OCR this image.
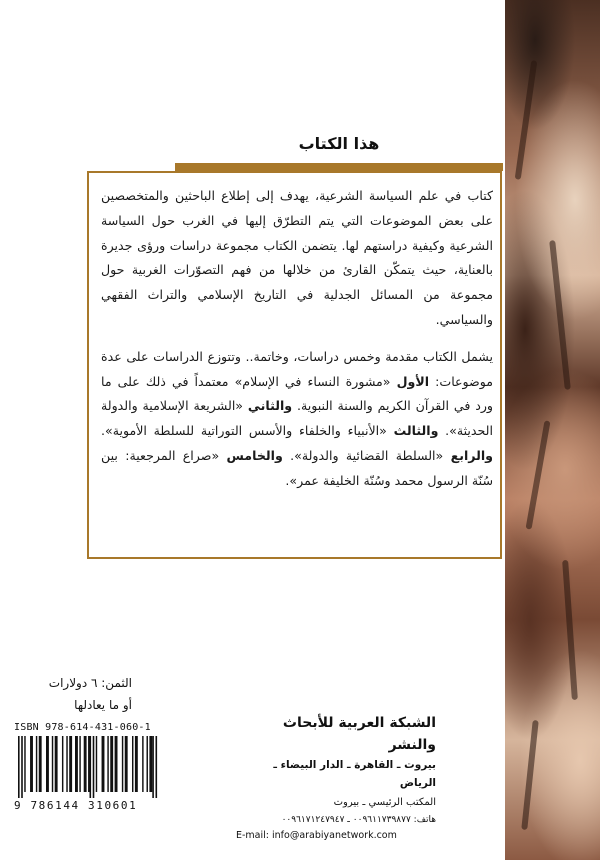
هذا الكتاب

كتاب في علم السياسة الشرعية، يهدف إلى إطلاع الباحثين والمتخصصين على بعض الموضوعات التي يتم التطرّق إليها في الغرب حول السياسة الشرعية وكيفية دراستهم لها. يتضمن الكتاب مجموعة دراسات ورؤى جديرة بالعناية، حيث يتمكّن القارئ من خلالها من فهم التصوّرات الغربية حول مجموعة من المسائل الجدلية في التاريخ الإسلامي والتراث الفقهي والسياسي.

يشمل الكتاب مقدمة وخمس دراسات، وخاتمة.. وتتوزع الدراسات على عدة موضوعات: الأول «مشورة النساء في الإسلام» معتمداً في ذلك على ما ورد في القرآن الكريم والسنة النبوية. والثاني «الشريعة الإسلامية والدولة الحديثة». والثالث «الأنبياء والخلفاء والأسس التوراتية للسلطة الأموية». والرابع «السلطة القضائية والدولة». والخامس «صراع المرجعية: بين سُنّة الرسول محمد وسُنّة الخليفة عمر».

الثمن: ٦ دولارات
أو ما يعادلها
ISBN 978-614-431-060-1
9 786144 310601
الشبكة العربية للأبحاث والنشر
بيروت ـ القاهرة ـ الدار البيضاء ـ الرياض
المكتب الرئيسي ـ بيروت
هاتف: ٠٠٩٦١١٧٣٩٨٧٧ ـ ٠٠٩٦١٧١٢٤٧٩٤٧
E-mail: info@arabiyanetwork.com
